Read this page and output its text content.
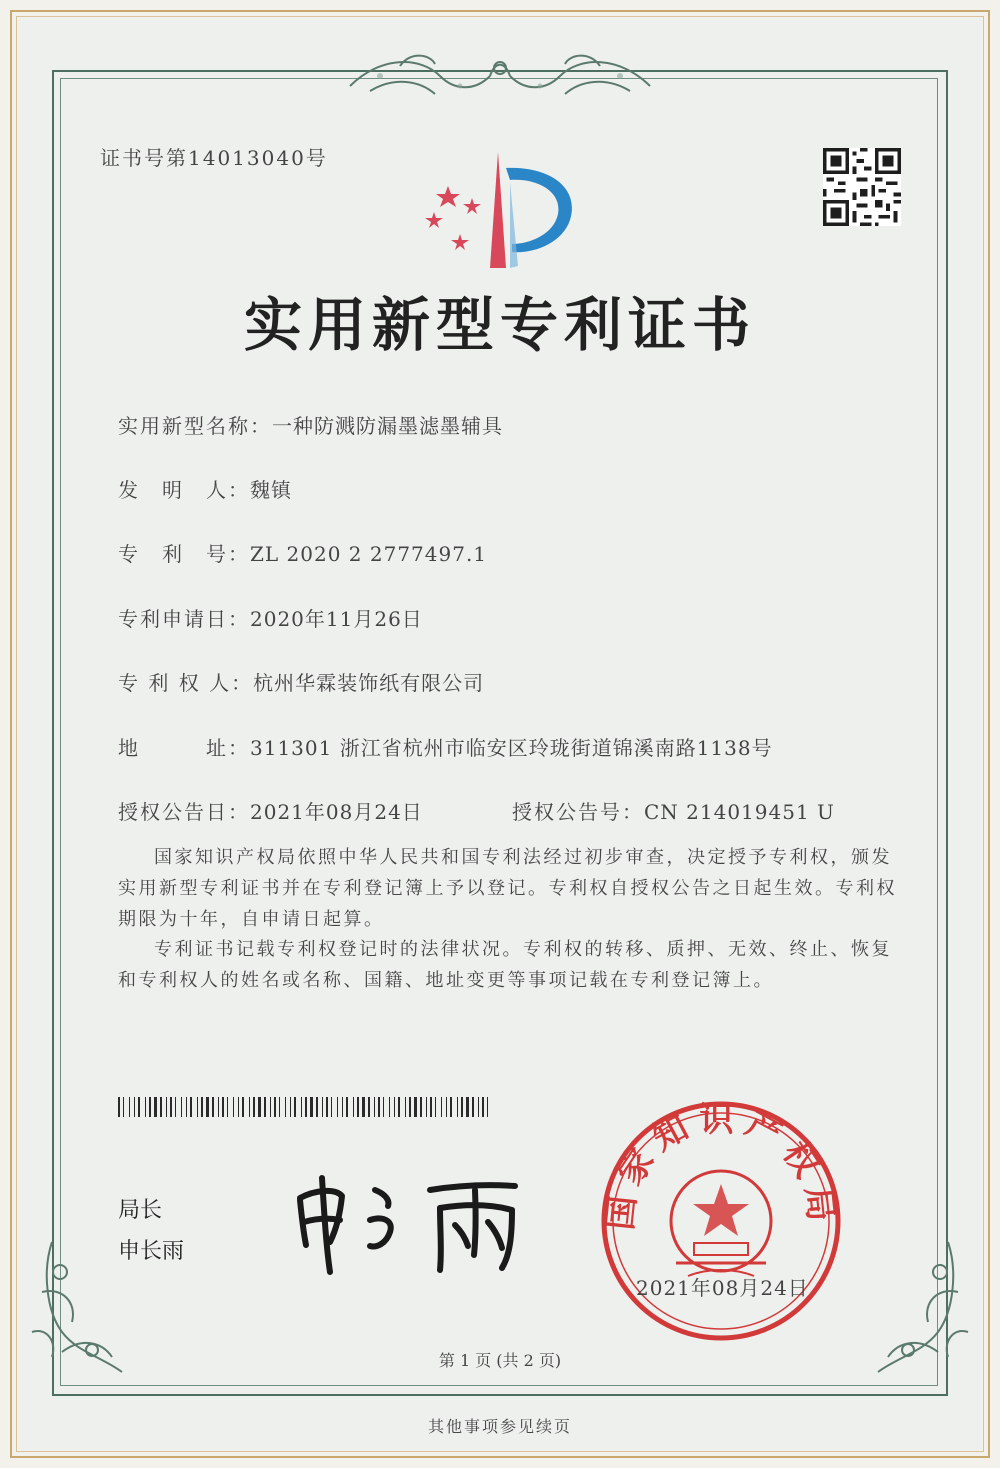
证书号第14013040号
实用新型专利证书
实用新型名称：一种防溅防漏墨滤墨辅具
发　明　人：魏镇
专　利　号：ZL 2020 2 2777497.1
专利申请日：2020年11月26日
专 利 权 人：杭州华霖装饰纸有限公司
地　　　址：311301 浙江省杭州市临安区玲珑街道锦溪南路1138号
授权公告日：2021年08月24日	授权公告号：CN 214019451 U
国家知识产权局依照中华人民共和国专利法经过初步审查，决定授予专利权，颁发实用新型专利证书并在专利登记簿上予以登记。专利权自授权公告之日起生效。专利权期限为十年，自申请日起算。
专利证书记载专利权登记时的法律状况。专利权的转移、质押、无效、终止、恢复和专利权人的姓名或名称、国籍、地址变更等事项记载在专利登记簿上。
局长
申长雨
国家知识产权局
2021年08月24日
第 1 页 (共 2 页)
其他事项参见续页
